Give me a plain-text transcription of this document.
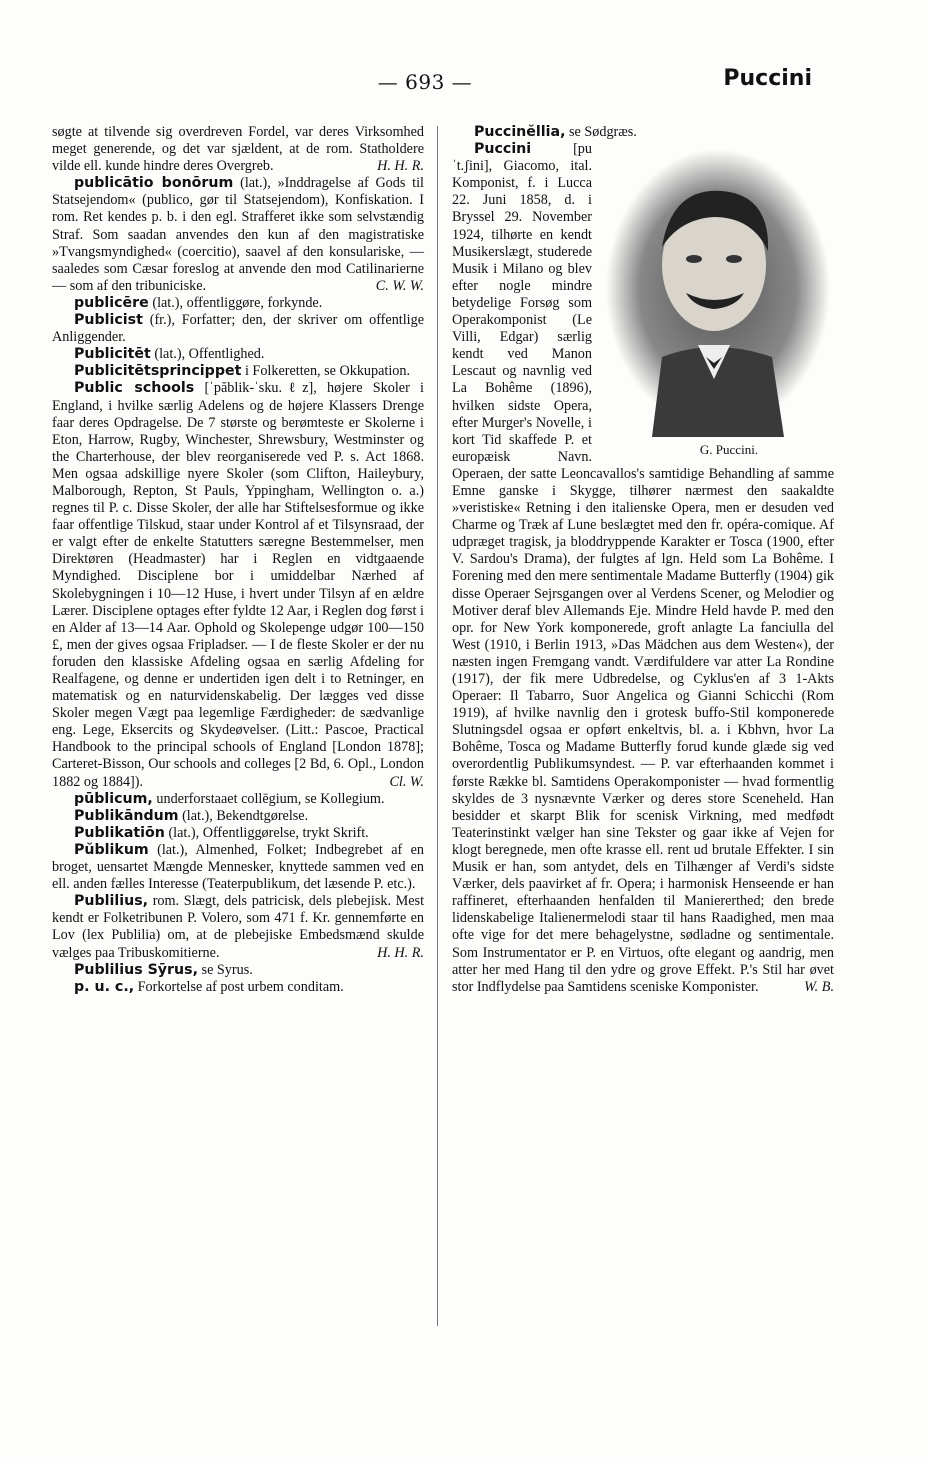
— 693 —	Puccini

søgte at tilvende sig overdreven Fordel, var deres Virksomhed meget generende, og det var sjældent, at de rom. Statholdere vilde ell. kunde hindre deres Overgreb.	H. H. R.

publicātio bonōrum (lat.), »Inddragelse af Gods til Statsejendom« (publico, gør til Statsejendom), Konfiskation. I rom. Ret kendes p. b. i den egl. Strafferet ikke som selvstændig Straf. Som saadan anvendes den kun af den magistratiske »Tvangsmyndighed« (coercitio), saavel af den konsulariske, — saaledes som Cæsar foreslog at anvende den mod Catilinarierne — som af den tribuniciske.	C. W. W.

publicēre (lat.), offentliggøre, forkynde.

Publicist (fr.), Forfatter; den, der skriver om offentlige Anliggender.

Publicitēt (lat.), Offentlighed.

Publicitētsprincippet i Folkeretten, se Okkupation.

Public schools [ˈpăblik-ˈsku.ℓz], højere Skoler i England, i hvilke særlig Adelens og de højere Klassers Drenge faar deres Opdragelse. De 7 største og berømteste er Skolerne i Eton, Harrow, Rugby, Winchester, Shrewsbury, Westminster og the Charterhouse, der blev reorganiserede ved P. s. Act 1868. Men ogsaa adskillige nyere Skoler (som Clifton, Haileybury, Malborough, Repton, St Pauls, Yppingham, Wellington o. a.) regnes til P. c. Disse Skoler, der alle har Stiftelsesformue og ikke faar offentlige Tilskud, staar under Kontrol af et Tilsynsraad, der er valgt efter de enkelte Statutters særegne Bestemmelser, men Direktøren (Headmaster) har i Reglen en vidtgaaende Myndighed. Disciplene bor i umiddelbar Nærhed af Skolebygningen i 10—12 Huse, i hvert under Tilsyn af en ældre Lærer. Disciplene optages efter fyldte 12 Aar, i Reglen dog først i en Alder af 13—14 Aar. Ophold og Skolepenge udgør 100—150 £, men der gives ogsaa Fripladser. — I de fleste Skoler er der nu foruden den klassiske Afdeling ogsaa en særlig Afdeling for Realfagene, og denne er undertiden igen delt i to Retninger, en matematisk og en naturvidenskabelig. Der lægges ved disse Skoler megen Vægt paa legemlige Færdigheder: de sædvanlige eng. Lege, Eksercits og Skydeøvelser. (Litt.: Pascoe, Practical Handbook to the principal schools of England [London 1878]; Carteret-Bisson, Our schools and colleges [2 Bd, 6. Opl., London 1882 og 1884]).	Cl. W.

pūblicum, underforstaaet collēgium, se Kollegium.

Publikāndum (lat.), Bekendtgørelse.

Publikatiōn (lat.), Offentliggørelse, trykt Skrift.

Pŭblikum (lat.), Almenhed, Folket; Indbegrebet af en broget, uensartet Mængde Mennesker, knyttede sammen ved en ell. anden fælles Interesse (Teaterpublikum, det læsende P. etc.).

Publilius, rom. Slægt, dels patricisk, dels plebejisk. Mest kendt er Folketribunen P. Volero, som 471 f. Kr. gennemførte en Lov (lex Publilia) om, at de plebejiske Embedsmænd skulde vælges paa Tribuskomitierne.	H. H. R.

Publilius Sȳrus, se Syrus.

p. u. c., Forkortelse af post urbem conditam.

Puccinĕllia, se Sødgræs.

G. Puccini.
Puccini	[puˈt.ʃini], Giacomo, ital. Komponist, f. i Lucca 22. Juni 1858, d. i Bryssel 29. November 1924, tilhørte en kendt Musikerslægt, studerede Musik i Milano og blev efter nogle mindre betydelige Forsøg som Operakomponist (Le Villi, Edgar) særlig kendt ved Manon Lescaut og navnlig ved La Bohême (1896), hvilken sidste Opera, efter Murger's Novelle, i kort Tid skaffede P. et europæisk Navn. Operaen, der satte Leoncavallos's samtidige Behandling af samme Emne ganske i Skygge, tilhører nærmest den saakaldte »veristiske« Retning i den italienske Opera, men er desuden ved Charme og Træk af Lune beslægtet med den fr. opéra-comique. Af udpræget tragisk, ja bloddryppende Karakter er Tosca (1900, efter V. Sardou's Drama), der fulgtes af lgn. Held som La Bohême. I Forening med den mere sentimentale Madame Butterfly (1904) gik disse Operaer Sejrsgangen over al Verdens Scener, og Melodier og Motiver deraf blev Allemands Eje. Mindre Held havde P. med den opr. for New York komponerede, groft anlagte La fanciulla del West (1910, i Berlin 1913, »Das Mädchen aus dem Westen«), der næsten ingen Fremgang vandt. Værdifuldere var atter La Rondine (1917), der fik mere Udbredelse, og Cyklus'en af 3 1-Akts Operaer: Il Tabarro, Suor Angelica og Gianni Schicchi (Rom 1919), af hvilke navnlig den i grotesk buffo-Stil komponerede Slutningsdel ogsaa er opført enkeltvis, bl. a. i Kbhvn, hvor La Bohême, Tosca og Madame Butterfly forud kunde glæde sig ved overordentlig Publikumsyndest. — P. var efterhaanden kommet i første Række bl. Samtidens Operakomponister — hvad formentlig skyldes de 3 nysnævnte Værker og deres store Sceneheld. Han besidder et skarpt Blik for scenisk Virkning, med medfødt Teaterinstinkt vælger han sine Tekster og gaar ikke af Vejen for klogt beregnede, men ofte krasse ell. rent ud brutale Effekter. I sin Musik er han, som antydet, dels en Tilhænger af Verdi's sidste Værker, dels paavirket af fr. Opera; i harmonisk Henseende er han raffineret, efterhaanden henfalden til Maniererthed; den brede lidenskabelige Italienermelodi staar til hans Raadighed, men maa ofte vige for det mere behagelystne, sødladne og sentimentale. Som Instrumentator er P. en Virtuos, ofte elegant og aandrig, men atter her med Hang til den ydre og grove Effekt. P.'s Stil har øvet stor Indflydelse paa Samtidens sceniske Komponister.	W. B.
